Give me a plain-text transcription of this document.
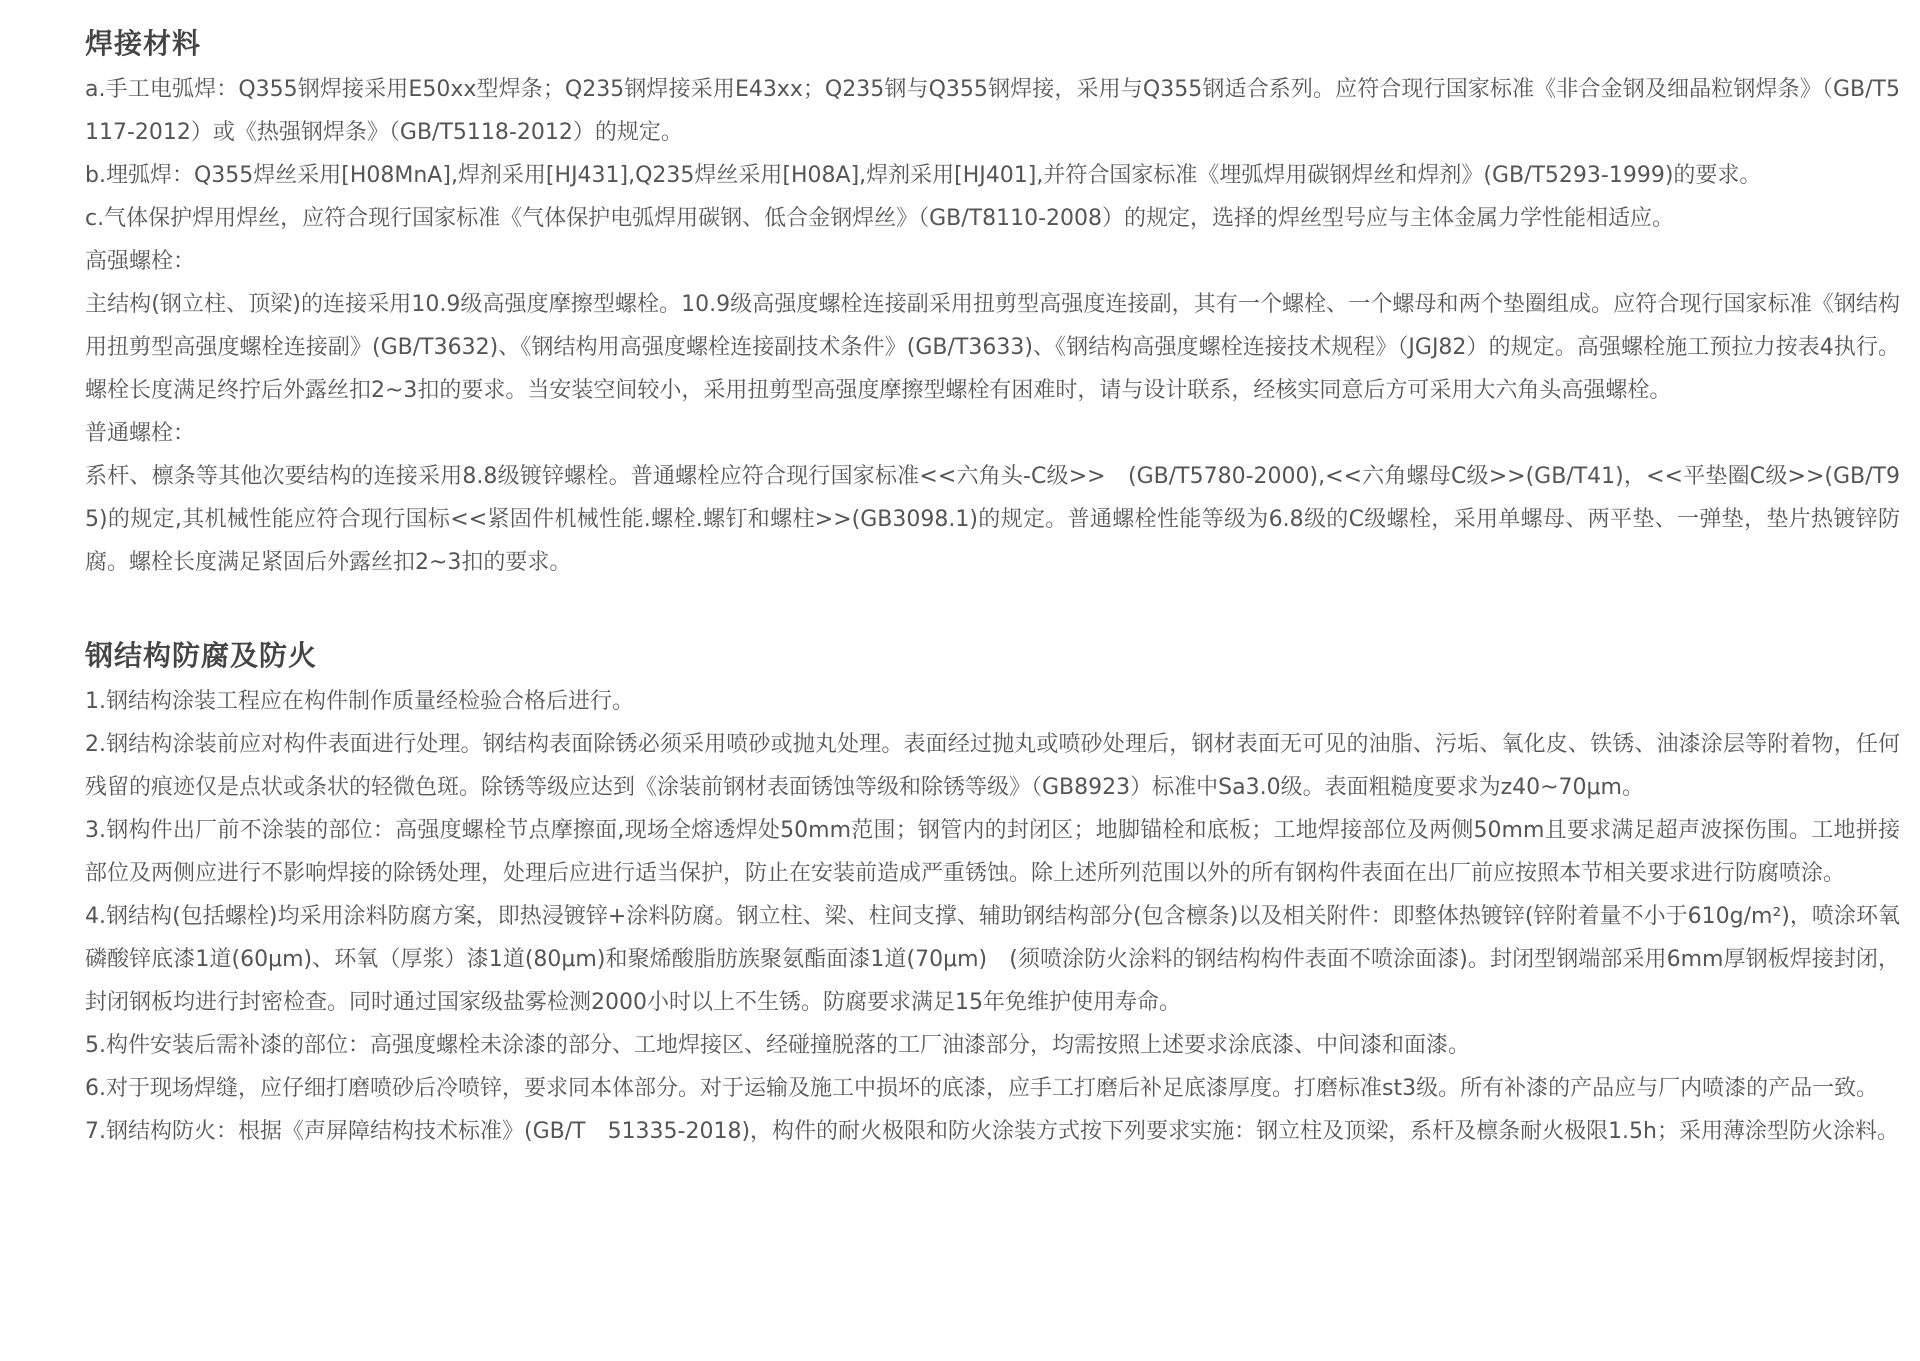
焊接材料

a.手工电弧焊：Q355钢焊接采用E50xx型焊条；Q235钢焊接采用E43xx；Q235钢与Q355钢焊接，采用与Q355钢适合系列。应符合现行国家标准《非合金钢及细晶粒钢焊条》（GB/T5117-2012）或《热强钢焊条》（GB/T5118-2012）的规定。

b.埋弧焊：Q355焊丝采用[H08MnA],焊剂采用[HJ431],Q235焊丝采用[H08A],焊剂采用[HJ401],并符合国家标准《埋弧焊用碳钢焊丝和焊剂》(GB/T5293-1999)的要求。

c.气体保护焊用焊丝，应符合现行国家标准《气体保护电弧焊用碳钢、低合金钢焊丝》（GB/T8110-2008）的规定，选择的焊丝型号应与主体金属力学性能相适应。

高强螺栓：

主结构(钢立柱、顶梁)的连接采用10.9级高强度摩擦型螺栓。10.9级高强度螺栓连接副采用扭剪型高强度连接副，其有一个螺栓、一个螺母和两个垫圈组成。应符合现行国家标准《钢结构用扭剪型高强度螺栓连接副》(GB/T3632)、《钢结构用高强度螺栓连接副技术条件》(GB/T3633)、《钢结构高强度螺栓连接技术规程》（JGJ82）的规定。高强螺栓施工预拉力按表4执行。螺栓长度满足终拧后外露丝扣2~3扣的要求。当安装空间较小，采用扭剪型高强度摩擦型螺栓有困难时，请与设计联系，经核实同意后方可采用大六角头高强螺栓。

普通螺栓：

系杆、檩条等其他次要结构的连接采用8.8级镀锌螺栓。普通螺栓应符合现行国家标准<<六角头-C级>>　(GB/T5780-2000),<<六角螺母C级>>(GB/T41)，<<平垫圈C级>>(GB/T95)的规定,其机械性能应符合现行国标<<紧固件机械性能.螺栓.螺钉和螺柱>>(GB3098.1)的规定。普通螺栓性能等级为6.8级的C级螺栓，采用单螺母、两平垫、一弹垫，垫片热镀锌防腐。螺栓长度满足紧固后外露丝扣2~3扣的要求。

钢结构防腐及防火

1.钢结构涂装工程应在构件制作质量经检验合格后进行。

2.钢结构涂装前应对构件表面进行处理。钢结构表面除锈必须采用喷砂或抛丸处理。表面经过抛丸或喷砂处理后，钢材表面无可见的油脂、污垢、氧化皮、铁锈、油漆涂层等附着物，任何残留的痕迹仅是点状或条状的轻微色斑。除锈等级应达到《涂装前钢材表面锈蚀等级和除锈等级》（GB8923）标准中Sa3.0级。表面粗糙度要求为z40~70μm。

3.钢构件出厂前不涂装的部位：高强度螺栓节点摩擦面,现场全熔透焊处50mm范围；钢管内的封闭区；地脚锚栓和底板；工地焊接部位及两侧50mm且要求满足超声波探伤围。工地拼接部位及两侧应进行不影响焊接的除锈处理，处理后应进行适当保护，防止在安装前造成严重锈蚀。除上述所列范围以外的所有钢构件表面在出厂前应按照本节相关要求进行防腐喷涂。

4.钢结构(包括螺栓)均采用涂料防腐方案，即热浸镀锌+涂料防腐。钢立柱、梁、柱间支撑、辅助钢结构部分(包含檩条)以及相关附件：即整体热镀锌(锌附着量不小于610g/m²)，喷涂环氧磷酸锌底漆1道(60μm)、环氧（厚浆）漆1道(80μm)和聚烯酸脂肪族聚氨酯面漆1道(70μm)　(须喷涂防火涂料的钢结构构件表面不喷涂面漆)。封闭型钢端部采用6mm厚钢板焊接封闭，封闭钢板均进行封密检查。同时通过国家级盐雾检测2000小时以上不生锈。防腐要求满足15年免维护使用寿命。

5.构件安装后需补漆的部位：高强度螺栓未涂漆的部分、工地焊接区、经碰撞脱落的工厂油漆部分，均需按照上述要求涂底漆、中间漆和面漆。

6.对于现场焊缝，应仔细打磨喷砂后冷喷锌，要求同本体部分。对于运输及施工中损坏的底漆，应手工打磨后补足底漆厚度。打磨标准st3级。所有补漆的产品应与厂内喷漆的产品一致。

7.钢结构防火：根据《声屏障结构技术标准》(GB/T　51335-2018)，构件的耐火极限和防火涂装方式按下列要求实施：钢立柱及顶梁，系杆及檩条耐火极限1.5h；采用薄涂型防火涂料。
